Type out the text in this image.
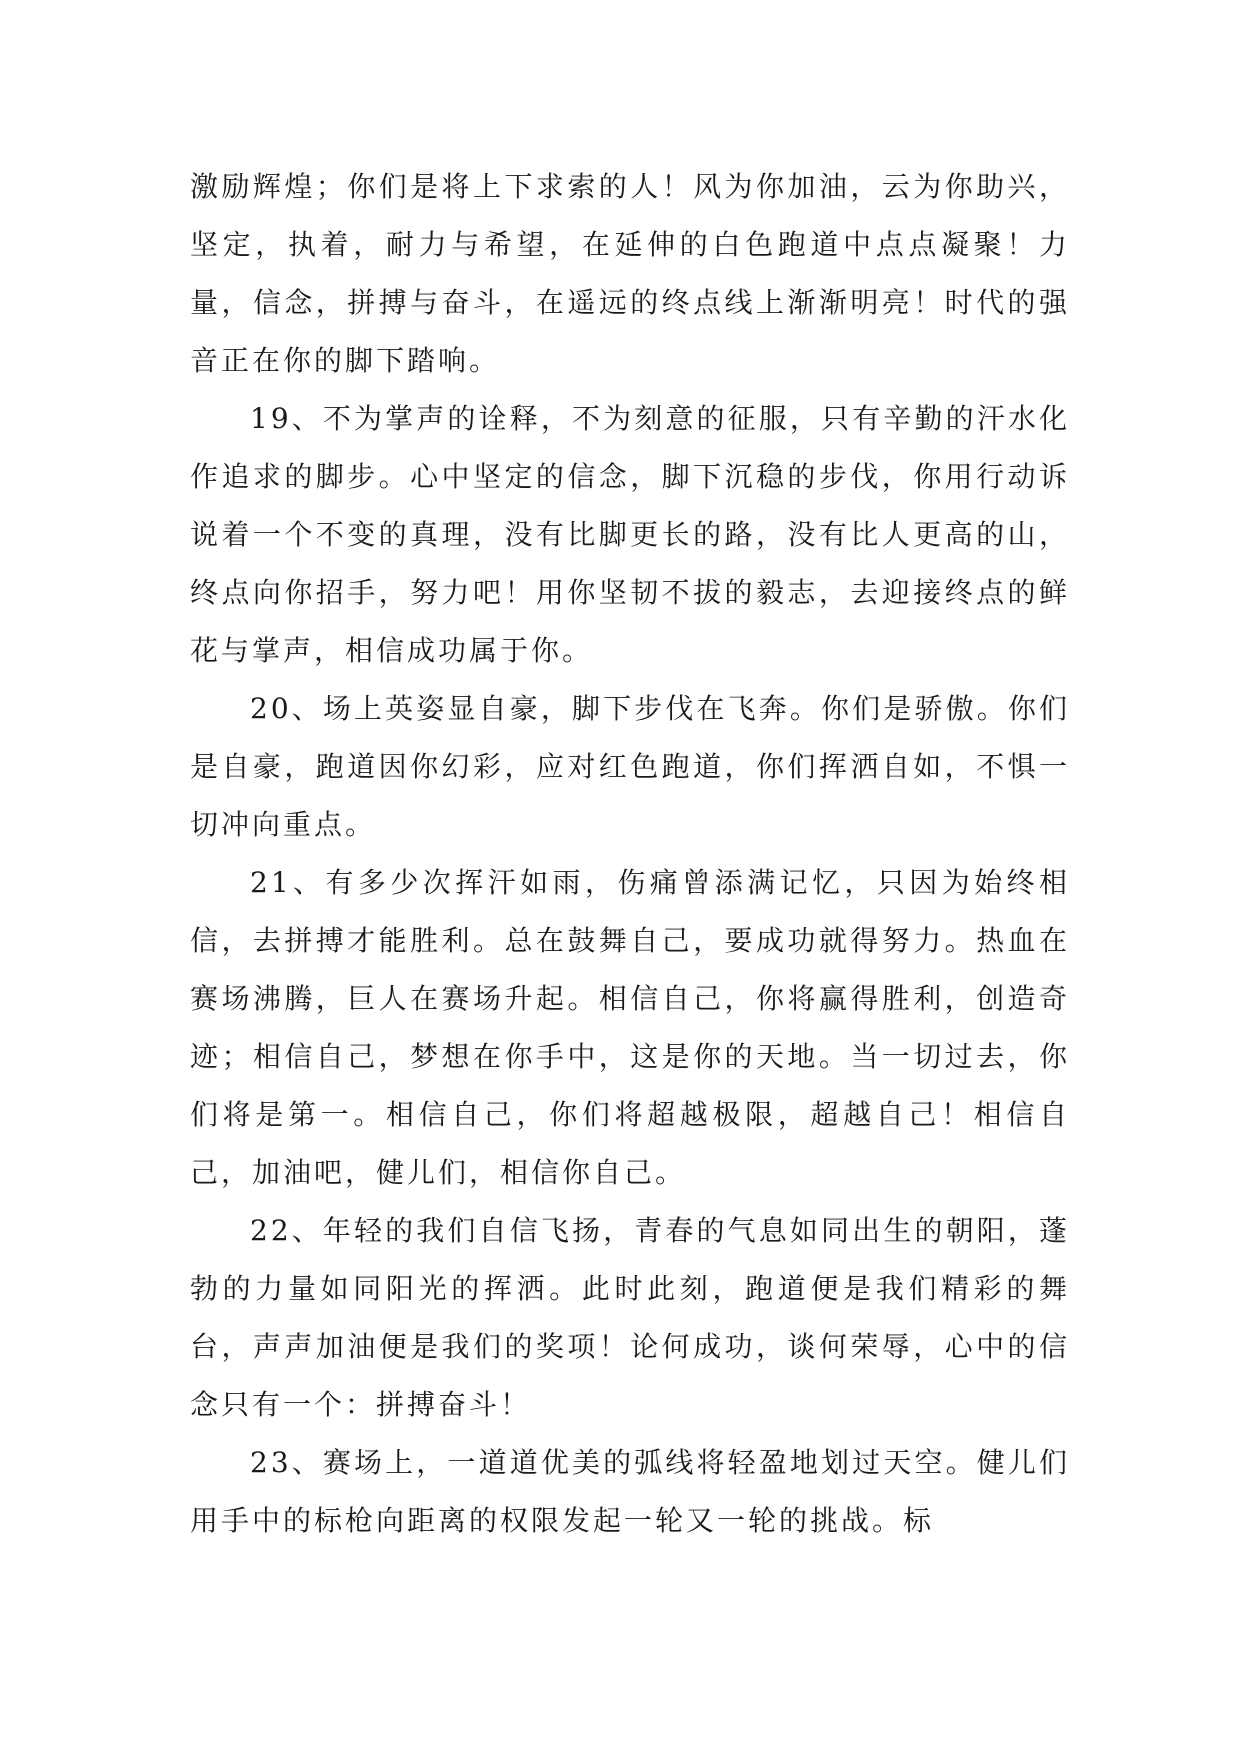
激励辉煌；你们是将上下求索的人！风为你加油，云为你助兴，坚定，执着，耐力与希望，在延伸的白色跑道中点点凝聚！力量，信念，拼搏与奋斗，在遥远的终点线上渐渐明亮！时代的强音正在你的脚下踏响。

19、不为掌声的诠释，不为刻意的征服，只有辛勤的汗水化作追求的脚步。心中坚定的信念，脚下沉稳的步伐，你用行动诉说着一个不变的真理，没有比脚更长的路，没有比人更高的山，终点向你招手，努力吧！用你坚韧不拔的毅志，去迎接终点的鲜花与掌声，相信成功属于你。

20、场上英姿显自豪，脚下步伐在飞奔。你们是骄傲。你们是自豪，跑道因你幻彩，应对红色跑道，你们挥洒自如，不惧一切冲向重点。

21、有多少次挥汗如雨，伤痛曾添满记忆，只因为始终相信，去拼搏才能胜利。总在鼓舞自己，要成功就得努力。热血在赛场沸腾，巨人在赛场升起。相信自己，你将赢得胜利，创造奇迹；相信自己，梦想在你手中，这是你的天地。当一切过去，你们将是第一。相信自己，你们将超越极限，超越自己！相信自己，加油吧，健儿们，相信你自己。

22、年轻的我们自信飞扬，青春的气息如同出生的朝阳，蓬勃的力量如同阳光的挥洒。此时此刻，跑道便是我们精彩的舞台，声声加油便是我们的奖项！论何成功，谈何荣辱，心中的信念只有一个：拼搏奋斗！

23、赛场上，一道道优美的弧线将轻盈地划过天空。健儿们用手中的标枪向距离的权限发起一轮又一轮的挑战。标
